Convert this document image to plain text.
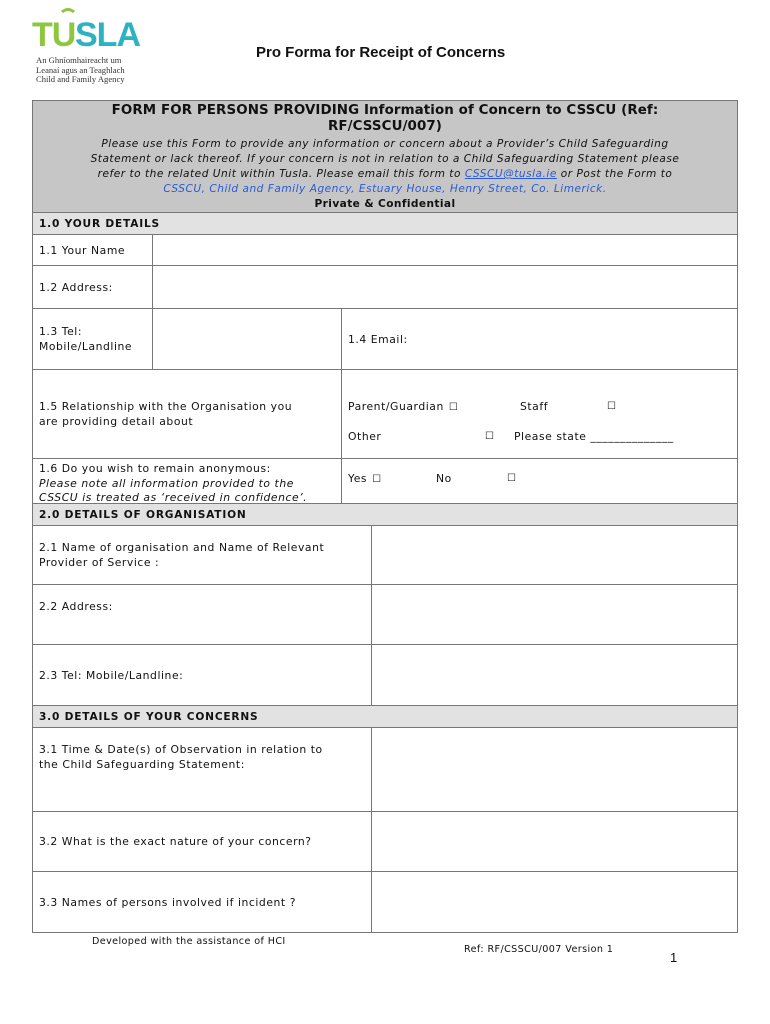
TU SLA
An Ghníomhaireacht um
Leanaí agus an Teaghlach
Child and Family Agency
Pro Forma for Receipt of Concerns
FORM FOR PERSONS PROVIDING Information of Concern to CSSCU (Ref:
RF/CSSCU/007)
Please use this Form to provide any information or concern about a Provider’s Child Safeguarding
Statement or lack thereof. If your concern is not in relation to a Child Safeguarding Statement please
refer to the related Unit within Tusla. Please email this form to CSSCU@tusla.ie or Post the Form to
CSSCU, Child and Family Agency, Estuary House, Henry Street, Co. Limerick.
Private & Confidential
1.0 YOUR DETAILS
1.1 Your Name
1.2 Address:
1.3 Tel:
Mobile/Landline
1.4 Email:
1.5 Relationship with the Organisation you
are providing detail about
Parent/Guardian ☐	Staff	☐
Other	☐ Please state ______________
1.6 Do you wish to remain anonymous:
Please note all information provided to the
CSSCU is treated as ‘received in confidence’.
Yes ☐	No	☐
2.0 DETAILS OF ORGANISATION
2.1 Name of organisation and Name of Relevant
Provider of Service :
2.2 Address:
2.3 Tel: Mobile/Landline:
3.0 DETAILS OF YOUR CONCERNS
3.1 Time & Date(s) of Observation in relation to
the Child Safeguarding Statement:
3.2 What is the exact nature of your concern?
3.3 Names of persons involved if incident ?
Developed with the assistance of HCI
Ref: RF/CSSCU/007 Version 1
1
